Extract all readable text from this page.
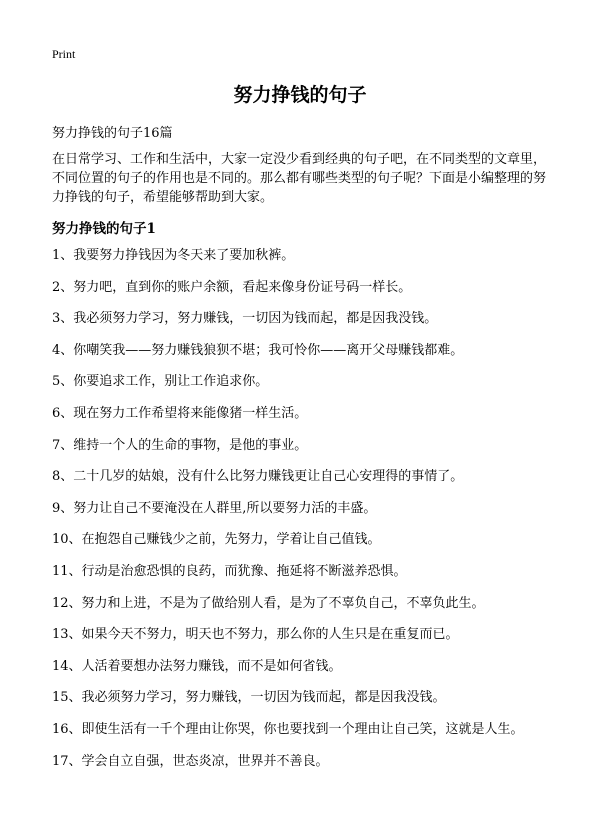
Print
努力挣钱的句子
努力挣钱的句子16篇

在日常学习、工作和生活中，大家一定没少看到经典的句子吧，在不同类型的文章里，不同位置的句子的作用也是不同的。那么都有哪些类型的句子呢？下面是小编整理的努力挣钱的句子，希望能够帮助到大家。

努力挣钱的句子1
1、我要努力挣钱因为冬天来了要加秋裤。
2、努力吧，直到你的账户余额，看起来像身份证号码一样长。
3、我必须努力学习，努力赚钱，一切因为钱而起，都是因我没钱。
4、你嘲笑我——努力赚钱狼狈不堪；我可怜你——离开父母赚钱都难。
5、你要追求工作，别让工作追求你。
6、现在努力工作希望将来能像猪一样生活。
7、维持一个人的生命的事物，是他的事业。
8、二十几岁的姑娘，没有什么比努力赚钱更让自己心安理得的事情了。
9、努力让自己不要淹没在人群里,所以要努力活的丰盛。
10、在抱怨自己赚钱少之前，先努力，学着让自己值钱。
11、行动是治愈恐惧的良药，而犹豫、拖延将不断滋养恐惧。
12、努力和上进，不是为了做给别人看，是为了不辜负自己，不辜负此生。
13、如果今天不努力，明天也不努力，那么你的人生只是在重复而已。
14、人活着要想办法努力赚钱，而不是如何省钱。
15、我必须努力学习，努力赚钱，一切因为钱而起，都是因我没钱。
16、即使生活有一千个理由让你哭，你也要找到一个理由让自己笑，这就是人生。
17、学会自立自强，世态炎凉，世界并不善良。
